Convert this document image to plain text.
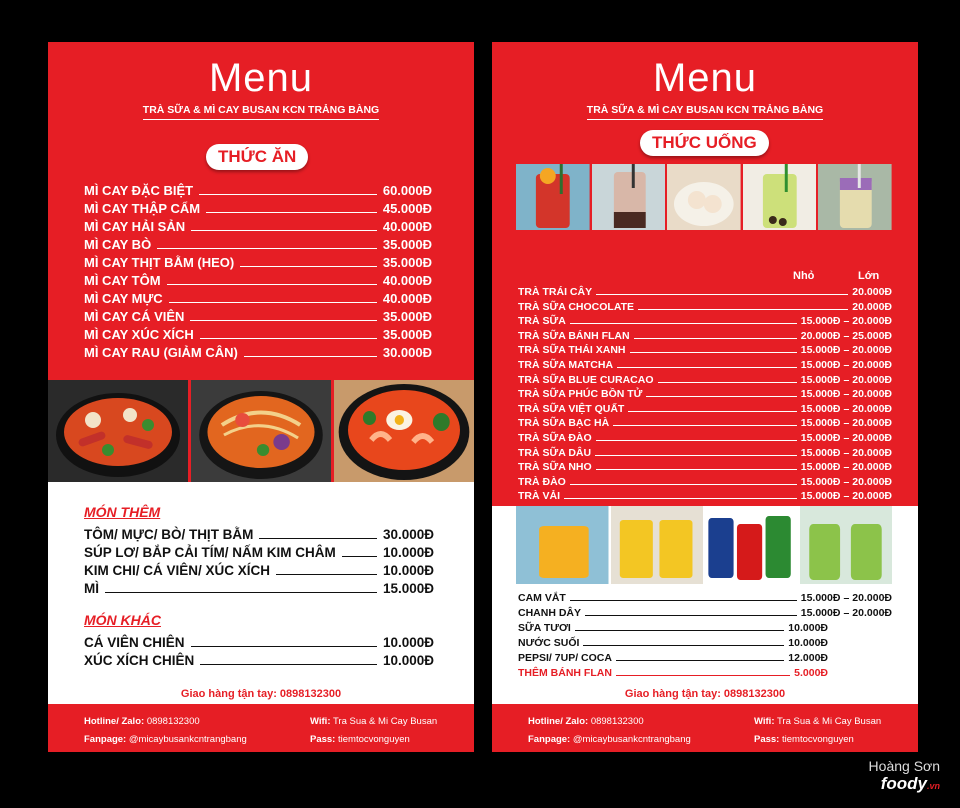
Menu
TRÀ SỮA & MÌ CAY BUSAN KCN TRẢNG BÀNG
THỨC ĂN
MÌ CAY ĐẶC BIỆT	60.000Đ
MÌ CAY THẬP CẨM	45.000Đ
MÌ CAY HẢI SẢN	40.000Đ
MÌ CAY BÒ	35.000Đ
MÌ CAY THỊT BẰM (HEO)	35.000Đ
MÌ CAY TÔM	40.000Đ
MÌ CAY MỰC	40.000Đ
MÌ CAY CÁ VIÊN	35.000Đ
MÌ CAY XÚC XÍCH	35.000Đ
MÌ CAY RAU (GIẢM CÂN)	30.000Đ
MÓN THÊM
TÔM/ MỰC/ BÒ/ THỊT BẰM	30.000Đ
SÚP LƠ/ BẮP CẢI TÍM/ NẤM KIM CHÂM	10.000Đ
KIM CHI/ CÁ VIÊN/ XÚC XÍCH	10.000Đ
MÌ	15.000Đ
MÓN KHÁC
CÁ VIÊN CHIÊN	10.000Đ
XÚC XÍCH CHIÊN	10.000Đ
Giao hàng tận tay: 0898132300
Hotline/ Zalo: 0898132300
Fanpage: @micaybusankcntrangbang
Wifi: Tra Sua & Mi Cay Busan
Pass: tiemtocvonguyen
Menu
TRÀ SỮA & MÌ CAY BUSAN KCN TRẢNG BÀNG
THỨC UỐNG
Nhỏ	Lớn
TRÀ TRÁI CÂY	20.000Đ
TRÀ SỮA CHOCOLATE	20.000Đ
TRÀ SỮA	15.000Đ – 20.000Đ
TRÀ SỮA BÁNH FLAN	20.000Đ – 25.000Đ
TRÀ SỮA THÁI XANH	15.000Đ – 20.000Đ
TRÀ SỮA MATCHA	15.000Đ – 20.000Đ
TRÀ SỮA BLUE CURACAO	15.000Đ – 20.000Đ
TRÀ SỮA PHÚC BỒN TỬ	15.000Đ – 20.000Đ
TRÀ SỮA VIỆT QUẤT	15.000Đ – 20.000Đ
TRÀ SỮA BẠC HÀ	15.000Đ – 20.000Đ
TRÀ SỮA ĐÀO	15.000Đ – 20.000Đ
TRÀ SỮA DÂU	15.000Đ – 20.000Đ
TRÀ SỮA NHO	15.000Đ – 20.000Đ
TRÀ ĐÀO	15.000Đ – 20.000Đ
TRÀ VẢI	15.000Đ – 20.000Đ
CAM VẮT	15.000Đ – 20.000Đ
CHANH DÂY	15.000Đ – 20.000Đ
SỮA TƯƠI	10.000Đ
NƯỚC SUỐI	10.000Đ
PEPSI/ 7UP/ COCA	12.000Đ
THÊM BÁNH FLAN	5.000Đ
Giao hàng tận tay: 0898132300
Hotline/ Zalo: 0898132300
Fanpage: @micaybusankcntrangbang
Wifi: Tra Sua & Mi Cay Busan
Pass: tiemtocvonguyen
Hoàng Sơn
foody.vn
